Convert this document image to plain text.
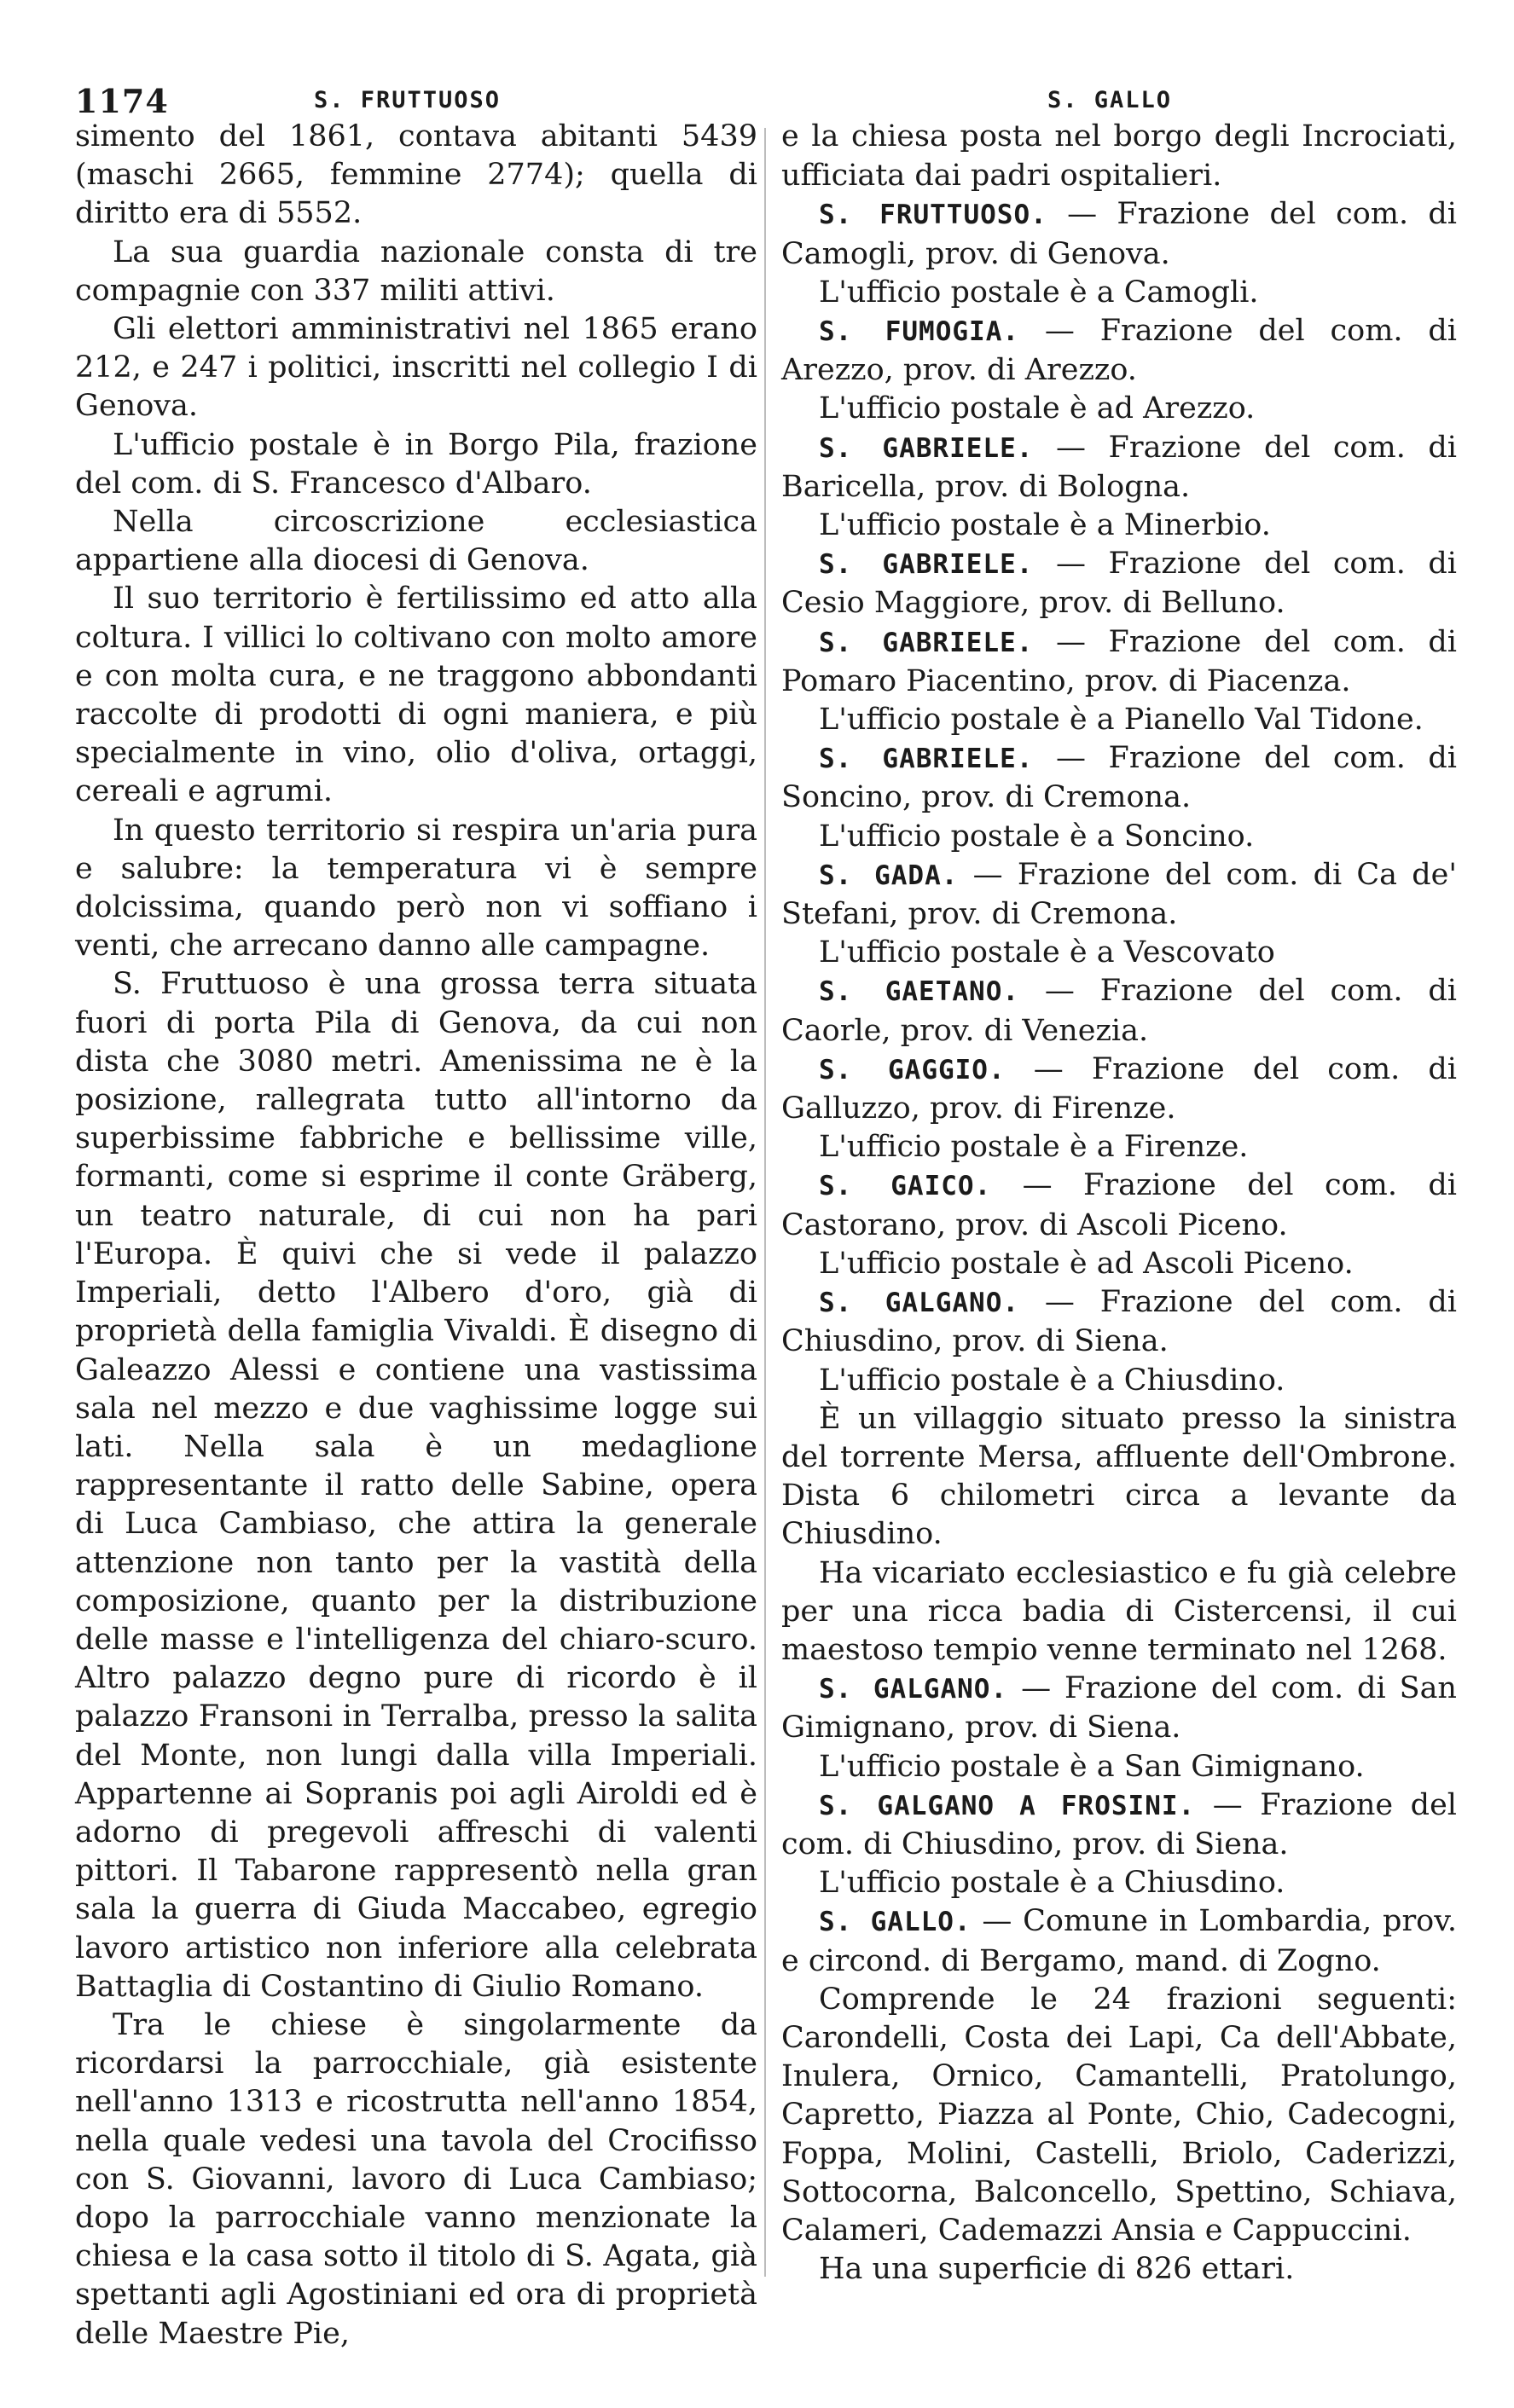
1174	S. FRUTTUOSO	S. GALLO

simento del 1861, contava abitanti 5439 (maschi 2665, femmine 2774); quella di diritto era di 5552.

La sua guardia nazionale consta di tre compagnie con 337 militi attivi.

Gli elettori amministrativi nel 1865 erano 212, e 247 i politici, inscritti nel collegio I di Genova.

L'ufficio postale è in Borgo Pila, frazione del com. di S. Francesco d'Albaro.

Nella circoscrizione ecclesiastica appartiene alla diocesi di Genova.

Il suo territorio è fertilissimo ed atto alla coltura. I villici lo coltivano con molto amore e con molta cura, e ne traggono abbondanti raccolte di prodotti di ogni maniera, e più specialmente in vino, olio d'oliva, ortaggi, cereali e agrumi.

In questo territorio si respira un'aria pura e salubre: la temperatura vi è sempre dolcissima, quando però non vi soffiano i venti, che arrecano danno alle campagne.

S. Fruttuoso è una grossa terra situata fuori di porta Pila di Genova, da cui non dista che 3080 metri. Amenissima ne è la posizione, rallegrata tutto all'intorno da superbissime fabbriche e bellissime ville, formanti, come si esprime il conte Gräberg, un teatro naturale, di cui non ha pari l'Europa. È quivi che si vede il palazzo Imperiali, detto l'Albero d'oro, già di proprietà della famiglia Vivaldi. È disegno di Galeazzo Alessi e contiene una vastissima sala nel mezzo e due vaghissime logge sui lati. Nella sala è un medaglione rappresentante il ratto delle Sabine, opera di Luca Cambiaso, che attira la generale attenzione non tanto per la vastità della composizione, quanto per la distribuzione delle masse e l'intelligenza del chiaro-scuro. Altro palazzo degno pure di ricordo è il palazzo Fransoni in Terralba, presso la salita del Monte, non lungi dalla villa Imperiali. Appartenne ai Sopranis poi agli Airoldi ed è adorno di pregevoli affreschi di valenti pittori. Il Tabarone rappresentò nella gran sala la guerra di Giuda Maccabeo, egregio lavoro artistico non inferiore alla celebrata Battaglia di Costantino di Giulio Romano.

Tra le chiese è singolarmente da ricordarsi la parrocchiale, già esistente nell'anno 1313 e ricostrutta nell'anno 1854, nella quale vedesi una tavola del Crocifisso con S. Giovanni, lavoro di Luca Cambiaso; dopo la parrocchiale vanno menzionate la chiesa e la casa sotto il titolo di S. Agata, già spettanti agli Agostiniani ed ora di proprietà delle Maestre Pie,

e la chiesa posta nel borgo degli Incrociati, ufficiata dai padri ospitalieri.

S. FRUTTUOSO. — Frazione del com. di Camogli, prov. di Genova.

L'ufficio postale è a Camogli.

S. FUMOGIA. — Frazione del com. di Arezzo, prov. di Arezzo.

L'ufficio postale è ad Arezzo.

S. GABRIELE. — Frazione del com. di Baricella, prov. di Bologna.

L'ufficio postale è a Minerbio.

S. GABRIELE. — Frazione del com. di Cesio Maggiore, prov. di Belluno.

S. GABRIELE. — Frazione del com. di Pomaro Piacentino, prov. di Piacenza.

L'ufficio postale è a Pianello Val Tidone.

S. GABRIELE. — Frazione del com. di Soncino, prov. di Cremona.

L'ufficio postale è a Soncino.

S. GADA. — Frazione del com. di Ca de' Stefani, prov. di Cremona.

L'ufficio postale è a Vescovato

S. GAETANO. — Frazione del com. di Caorle, prov. di Venezia.

S. GAGGIO. — Frazione del com. di Galluzzo, prov. di Firenze.

L'ufficio postale è a Firenze.

S. GAICO. — Frazione del com. di Castorano, prov. di Ascoli Piceno.

L'ufficio postale è ad Ascoli Piceno.

S. GALGANO. — Frazione del com. di Chiusdino, prov. di Siena.

L'ufficio postale è a Chiusdino.

È un villaggio situato presso la sinistra del torrente Mersa, affluente dell'Ombrone. Dista 6 chilometri circa a levante da Chiusdino.

Ha vicariato ecclesiastico e fu già celebre per una ricca badia di Cistercensi, il cui maestoso tempio venne terminato nel 1268.

S. GALGANO. — Frazione del com. di San Gimignano, prov. di Siena.

L'ufficio postale è a San Gimignano.

S. GALGANO A FROSINI. — Frazione del com. di Chiusdino, prov. di Siena.

L'ufficio postale è a Chiusdino.

S. GALLO. — Comune in Lombardia, prov. e circond. di Bergamo, mand. di Zogno.

Comprende le 24 frazioni seguenti: Carondelli, Costa dei Lapi, Ca dell'Abbate, Inulera, Ornico, Camantelli, Pratolungo, Capretto, Piazza al Ponte, Chio, Cadecogni, Foppa, Molini, Castelli, Briolo, Caderizzi, Sottocorna, Balconcello, Spettino, Schiava, Calameri, Cademazzi Ansia e Cappuccini.

Ha una superficie di 826 ettari.
